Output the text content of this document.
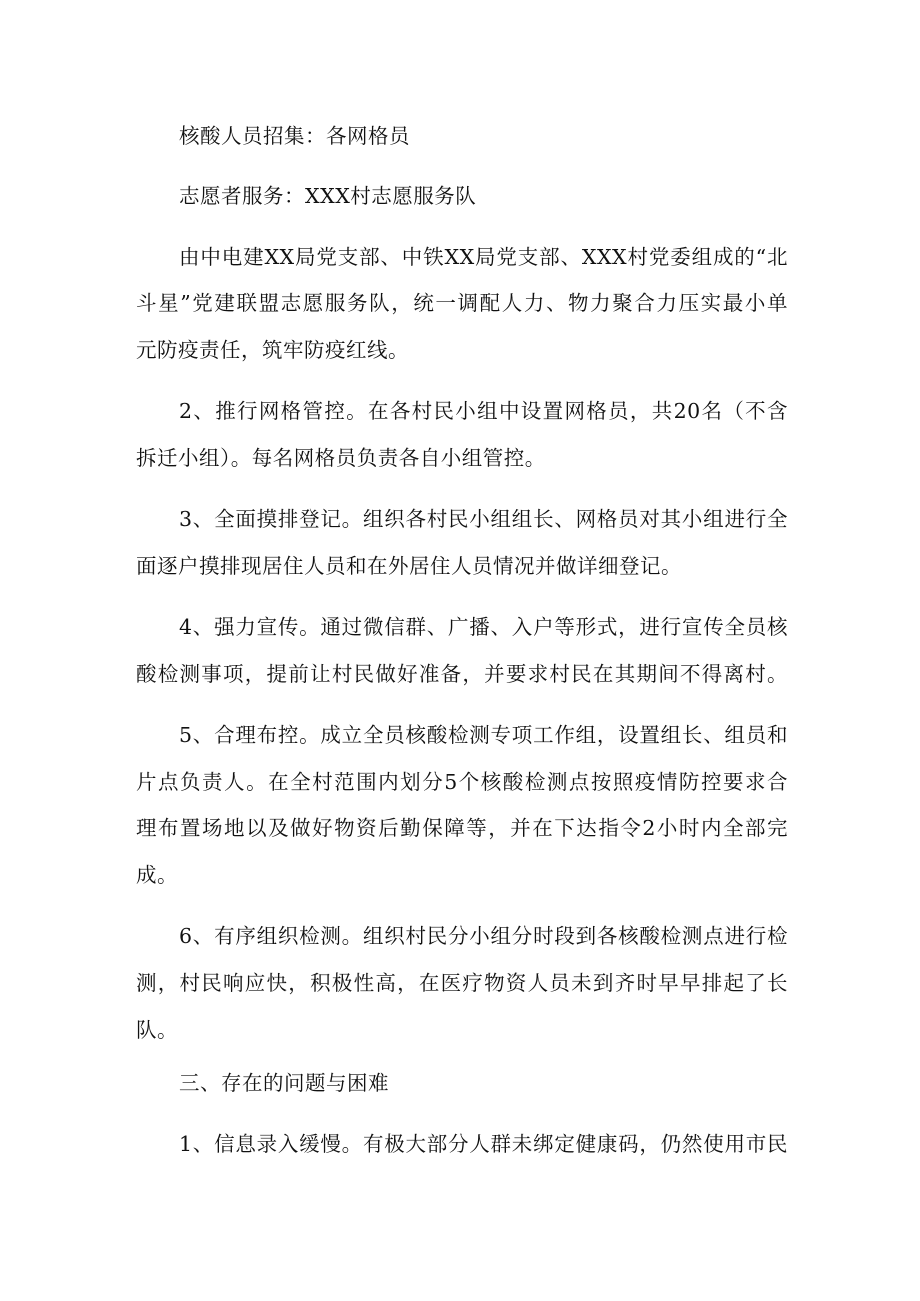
核酸人员招集：各网格员
志愿者服务：XXX村志愿服务队
由中电建XX局党支部、中铁XX局党支部、XXX村党委组成的“北
斗星”党建联盟志愿服务队，统一调配人力、物力聚合力压实最小单
元防疫责任，筑牢防疫红线。
2、推行网格管控。在各村民小组中设置网格员，共20名（不含
拆迁小组）。每名网格员负责各自小组管控。
3、全面摸排登记。组织各村民小组组长、网格员对其小组进行全
面逐户摸排现居住人员和在外居住人员情况并做详细登记。
4、强力宣传。通过微信群、广播、入户等形式，进行宣传全员核
酸检测事项，提前让村民做好准备，并要求村民在其期间不得离村。
5、合理布控。成立全员核酸检测专项工作组，设置组长、组员和
片点负责人。在全村范围内划分5个核酸检测点按照疫情防控要求合
理布置场地以及做好物资后勤保障等，并在下达指令2小时内全部完
成。
6、有序组织检测。组织村民分小组分时段到各核酸检测点进行检
测，村民响应快，积极性高，在医疗物资人员未到齐时早早排起了长
队。
三、存在的问题与困难
1、信息录入缓慢。有极大部分人群未绑定健康码，仍然使用市民
